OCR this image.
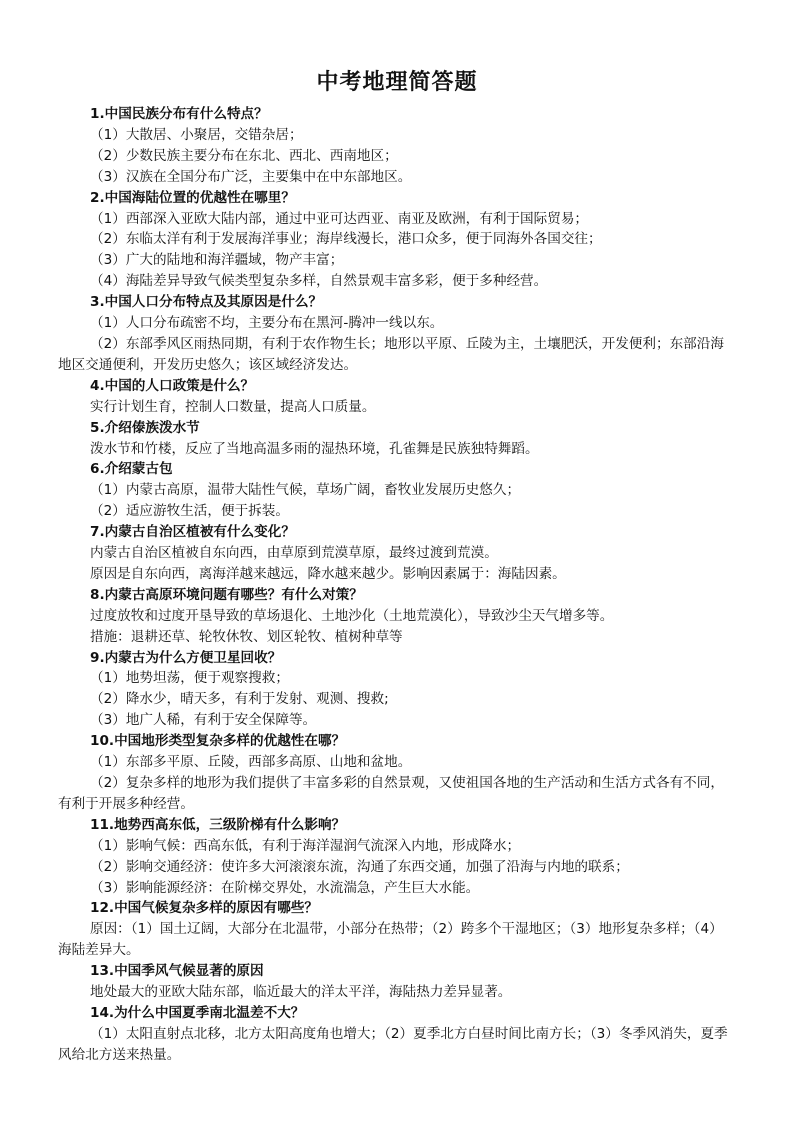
中考地理简答题

1.中国民族分布有什么特点？

（1）大散居、小聚居，交错杂居；

（2）少数民族主要分布在东北、西北、西南地区；

（3）汉族在全国分布广泛，主要集中在中东部地区。

2.中国海陆位置的优越性在哪里？

（1）西部深入亚欧大陆内部，通过中亚可达西亚、南亚及欧洲，有利于国际贸易；

（2）东临太洋有利于发展海洋事业；海岸线漫长，港口众多，便于同海外各国交往；

（3）广大的陆地和海洋疆域，物产丰富；

（4）海陆差异导致气候类型复杂多样，自然景观丰富多彩，便于多种经营。

3.中国人口分布特点及其原因是什么？

（1）人口分布疏密不均，主要分布在黑河-腾冲一线以东。

（2）东部季风区雨热同期，有利于农作物生长；地形以平原、丘陵为主，土壤肥沃，开发便利；东部沿海地区交通便利，开发历史悠久；该区域经济发达。

4.中国的人口政策是什么？

实行计划生育，控制人口数量，提高人口质量。

5.介绍傣族泼水节

泼水节和竹楼，反应了当地高温多雨的湿热环境，孔雀舞是民族独特舞蹈。

6.介绍蒙古包

（1）内蒙古高原，温带大陆性气候，草场广阔，畜牧业发展历史悠久；

（2）适应游牧生活，便于拆装。

7.内蒙古自治区植被有什么变化？

内蒙古自治区植被自东向西，由草原到荒漠草原，最终过渡到荒漠。

原因是自东向西，离海洋越来越远，降水越来越少。影响因素属于：海陆因素。

8.内蒙古高原环境问题有哪些？有什么对策？

过度放牧和过度开垦导致的草场退化、土地沙化（土地荒漠化），导致沙尘天气增多等。

措施：退耕还草、轮牧休牧、划区轮牧、植树种草等

9.内蒙古为什么方便卫星回收？

（1）地势坦荡，便于观察搜救；

（2）降水少，晴天多，有利于发射、观测、搜救;

（3）地广人稀，有利于安全保障等。

10.中国地形类型复杂多样的优越性在哪？

（1）东部多平原、丘陵，西部多高原、山地和盆地。

（2）复杂多样的地形为我们提供了丰富多彩的自然景观，又使祖国各地的生产活动和生活方式各有不同，有利于开展多种经营。

11.地势西高东低，三级阶梯有什么影响？

（1）影响气候：西高东低，有利于海洋湿润气流深入内地，形成降水；

（2）影响交通经济：使许多大河滚滚东流，沟通了东西交通，加强了沿海与内地的联系；

（3）影响能源经济：在阶梯交界处，水流湍急，产生巨大水能。

12.中国气候复杂多样的原因有哪些？

原因：（1）国土辽阔，大部分在北温带，小部分在热带；（2）跨多个干湿地区；（3）地形复杂多样；（4）海陆差异大。

13.中国季风气候显著的原因

地处最大的亚欧大陆东部，临近最大的洋太平洋，海陆热力差异显著。

14.为什么中国夏季南北温差不大？

（1）太阳直射点北移，北方太阳高度角也增大；（2）夏季北方白昼时间比南方长；（3）冬季风消失，夏季风给北方送来热量。
